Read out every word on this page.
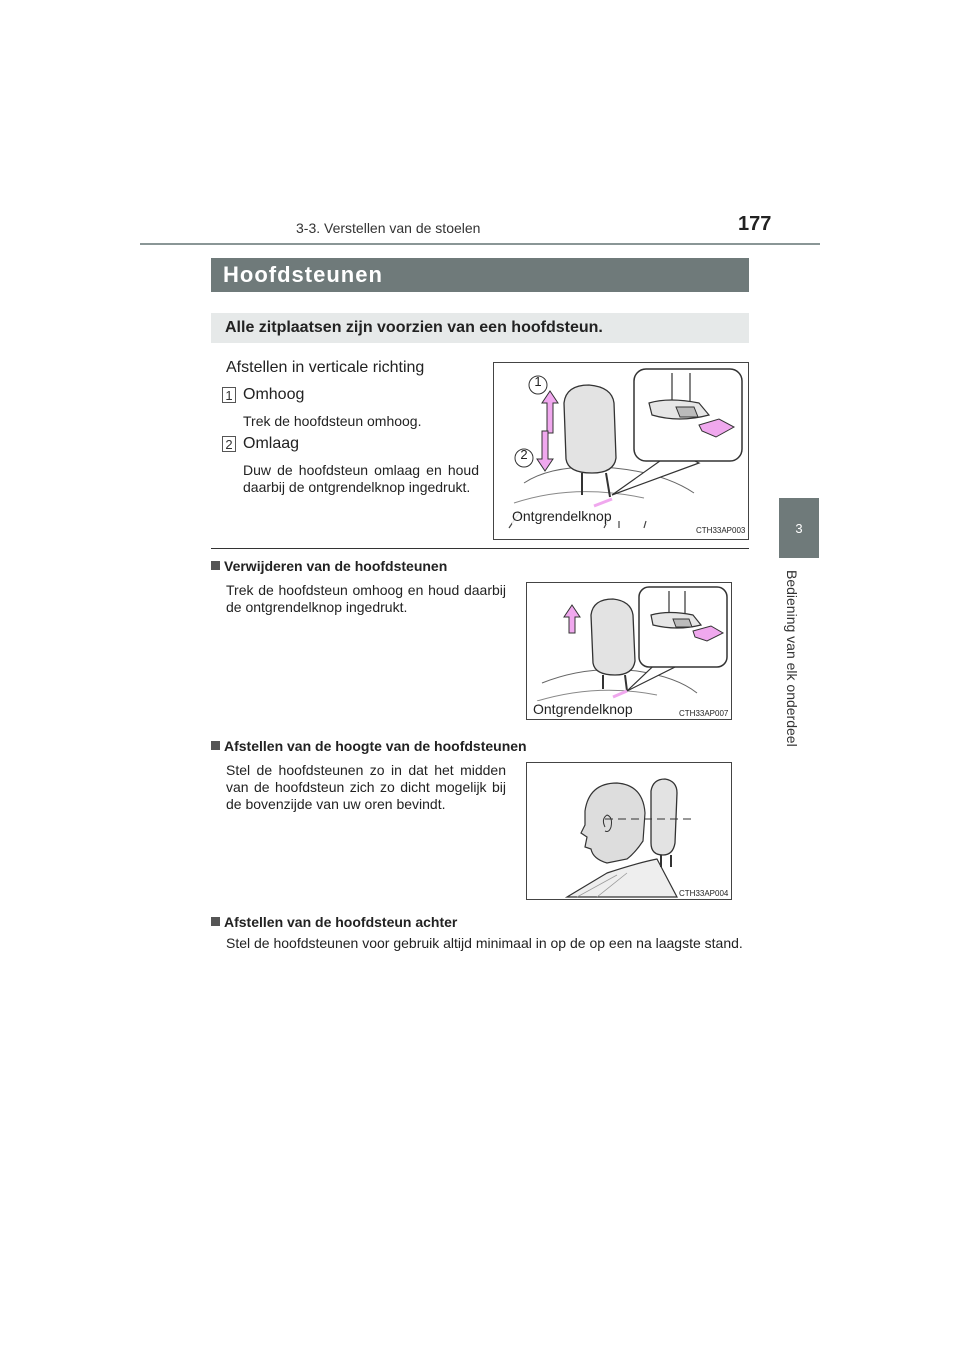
3-3. Verstellen van de stoelen	177
3
Bediening van elk onderdeel
Hoofdsteunen
Alle zitplaatsen zijn voorzien van een hoofdsteun.
Afstellen in verticale richting
1 Omhoog
Trek de hoofdsteun omhoog.
2 Omlaag
Duw de hoofdsteun omlaag en houd daarbij de ontgrendelknop ingedrukt.
1
2
Ontgrendelknop
CTH33AP003
Verwijderen van de hoofdsteunen
Trek de hoofdsteun omhoog en houd daarbij de ontgrendelknop ingedrukt.
Ontgrendelknop	CTH33AP007
Afstellen van de hoogte van de hoofdsteunen
Stel de hoofdsteunen zo in dat het midden van de hoofdsteun zich zo dicht mogelijk bij de bovenzijde van uw oren bevindt.
CTH33AP004
Afstellen van de hoofdsteun achter
Stel de hoofdsteunen voor gebruik altijd minimaal in op de op een na laagste stand.
